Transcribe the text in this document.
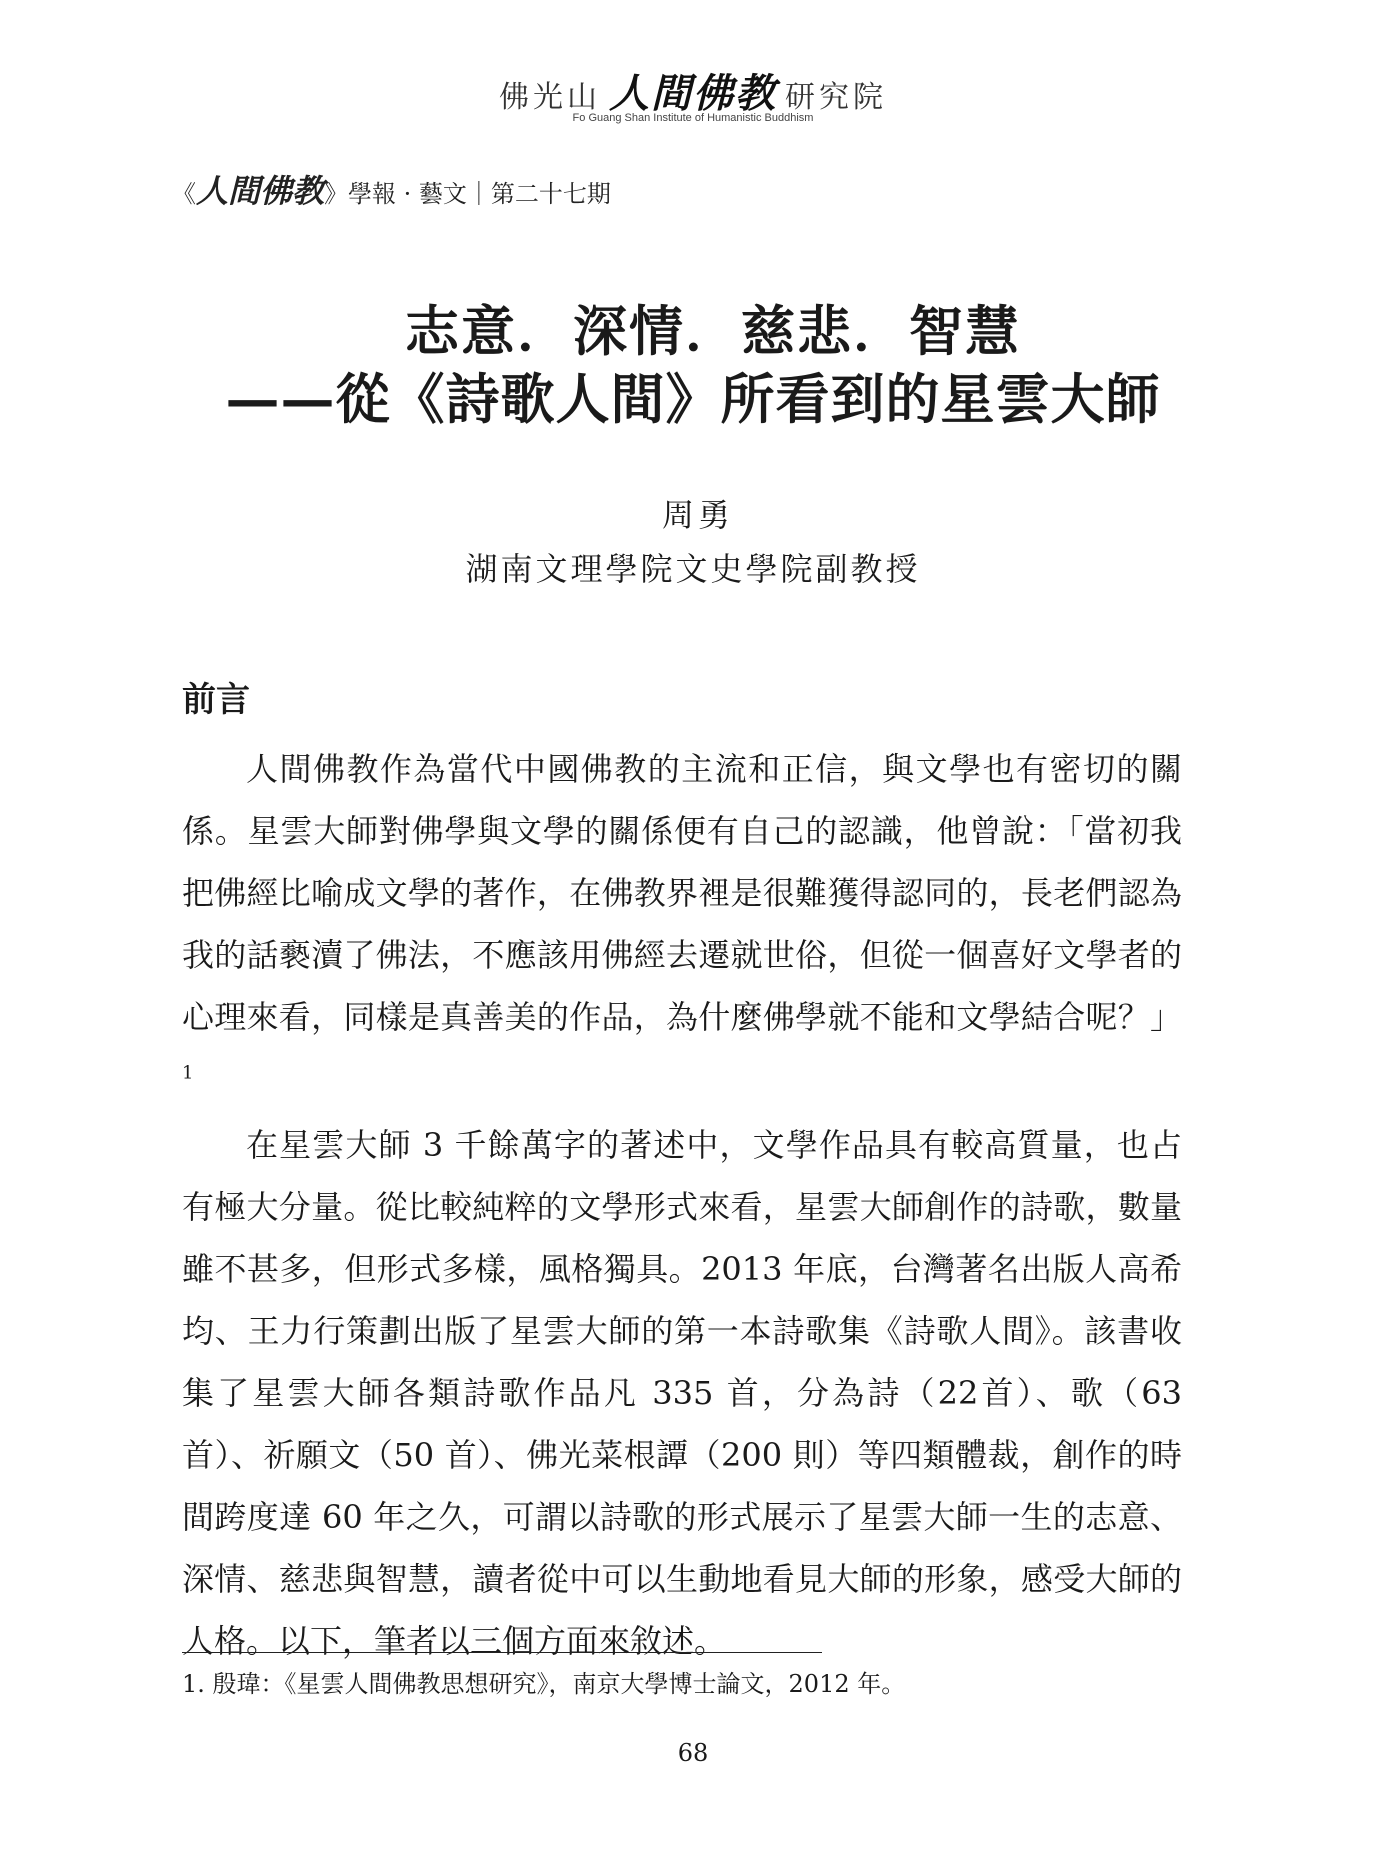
佛光山 人間佛教 研究院
Fo Guang Shan Institute of Humanistic Buddhism
《人間佛教》學報 · 藝文｜第二十七期
志意．深情．慈悲．智慧
——從《詩歌人間》所看到的星雲大師
周勇
湖南文理學院文史學院副教授
前言

人間佛教作為當代中國佛教的主流和正信，與文學也有密切的關係。星雲大師對佛學與文學的關係便有自己的認識，他曾說：「當初我把佛經比喻成文學的著作，在佛教界裡是很難獲得認同的，長老們認為我的話褻瀆了佛法，不應該用佛經去遷就世俗，但從一個喜好文學者的心理來看，同樣是真善美的作品，為什麼佛學就不能和文學結合呢？」$^1$

在星雲大師 3 千餘萬字的著述中，文學作品具有較高質量，也占有極大分量。從比較純粹的文學形式來看，星雲大師創作的詩歌，數量雖不甚多，但形式多樣，風格獨具。2013 年底，台灣著名出版人高希均、王力行策劃出版了星雲大師的第一本詩歌集《詩歌人間》。該書收集了星雲大師各類詩歌作品凡 335 首，分為詩（22首）、歌（63 首）、祈願文（50 首）、佛光菜根譚（200 則）等四類體裁，創作的時間跨度達 60 年之久，可謂以詩歌的形式展示了星雲大師一生的志意、深情、慈悲與智慧，讀者從中可以生動地看見大師的形象，感受大師的人格。以下，筆者以三個方面來敘述。

1. 殷瑋：《星雲人間佛教思想研究》，南京大學博士論文，2012 年。
68
